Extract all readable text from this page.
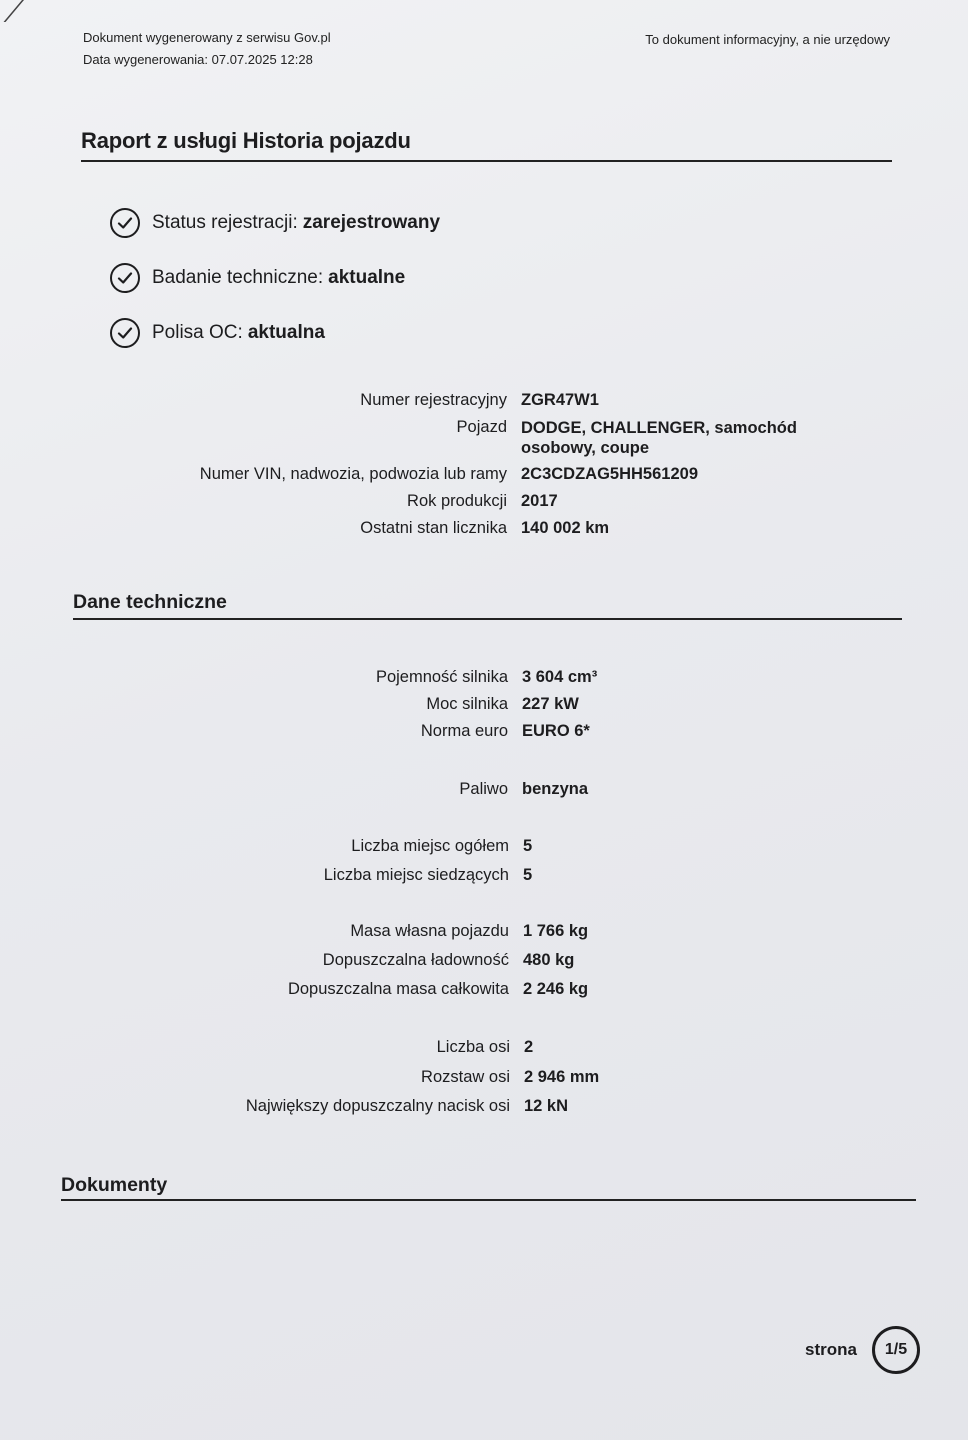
Dokument wygenerowany z serwisu Gov.pl
Data wygenerowania: 07.07.2025 12:28
To dokument informacyjny, a nie urzędowy
Raport z usługi Historia pojazdu
Status rejestracji: zarejestrowany
Badanie techniczne: aktualne
Polisa OC: aktualna
Numer rejestracyjny ZGR47W1
Pojazd DODGE, CHALLENGER, samochód osobowy, coupe
Numer VIN, nadwozia, podwozia lub ramy 2C3CDZAG5HH561209
Rok produkcji 2017
Ostatni stan licznika 140 002 km
Dane techniczne
Pojemność silnika 3 604 cm³
Moc silnika 227 kW
Norma euro EURO 6*
Paliwo benzyna
Liczba miejsc ogółem 5
Liczba miejsc siedzących 5
Masa własna pojazdu 1 766 kg
Dopuszczalna ładowność 480 kg
Dopuszczalna masa całkowita 2 246 kg
Liczba osi 2
Rozstaw osi 2 946 mm
Największy dopuszczalny nacisk osi 12 kN
Dokumenty
strona 1/5
